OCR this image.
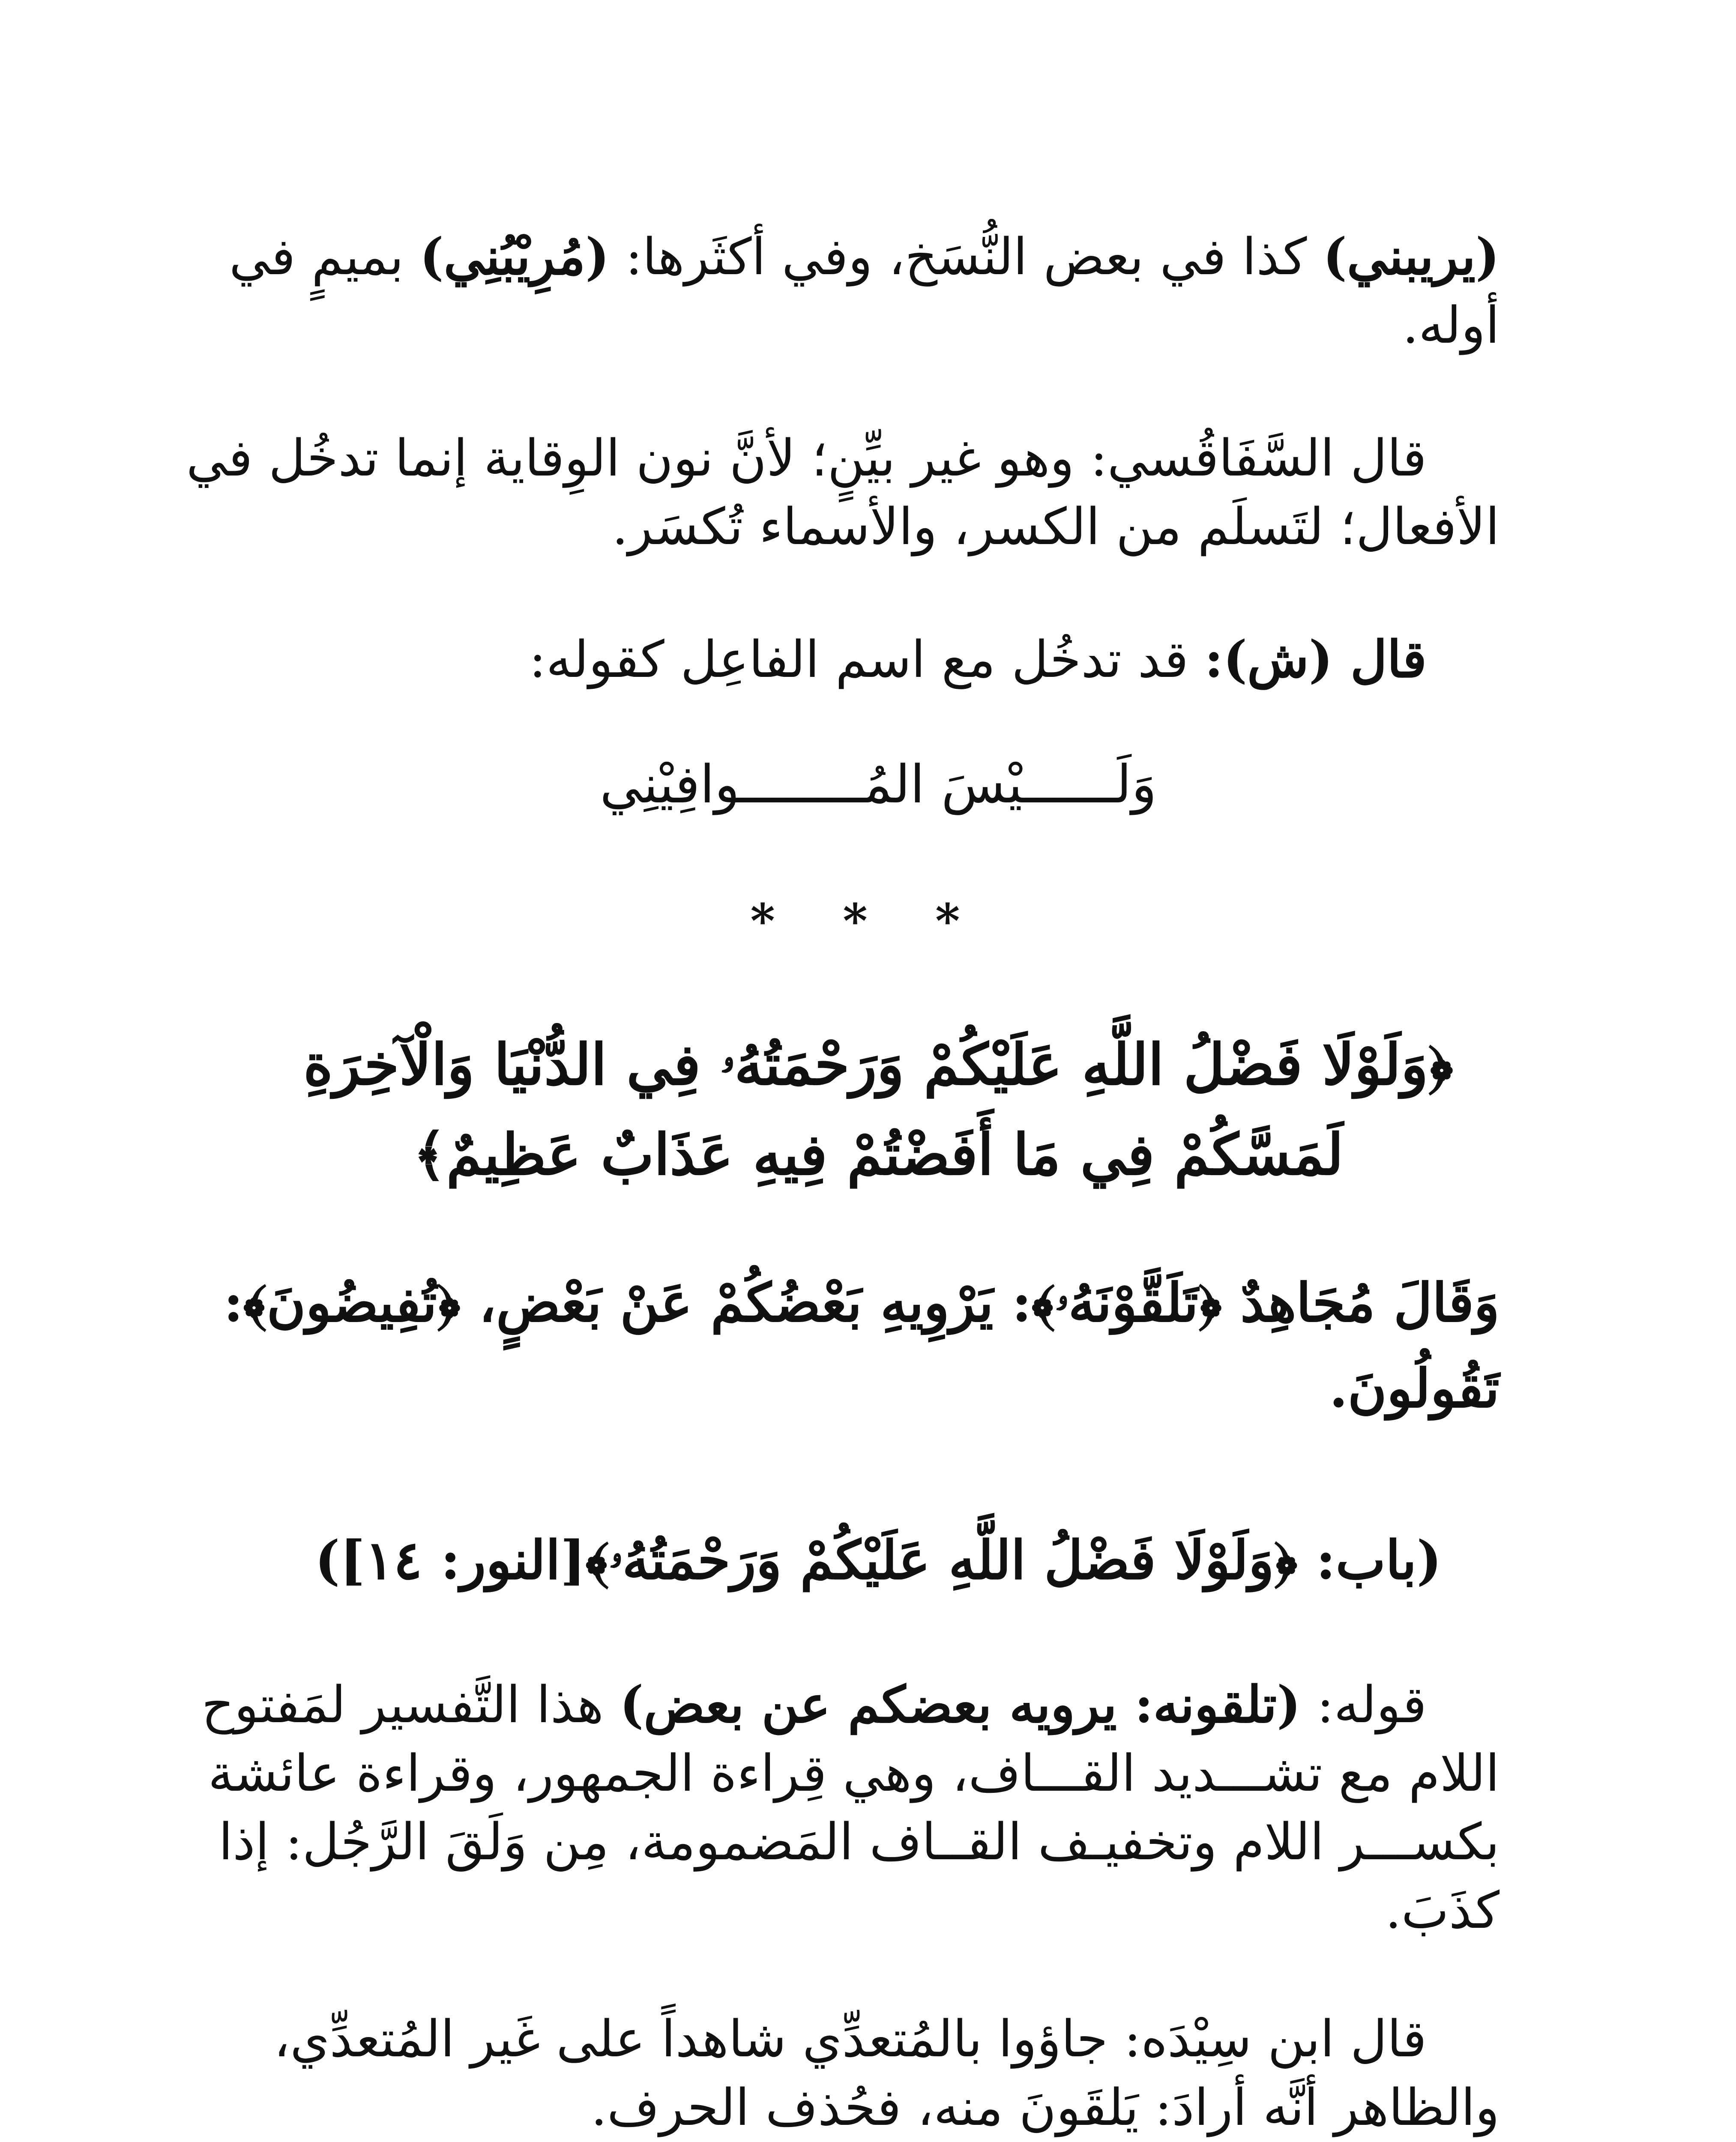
(يريبني) كذا في بعض النُّسَخ، وفي أكثَرها: (مُرِيْبُنِي) بميمٍ في
أوله.
قال السَّفَاقُسي: وهو غير بيِّنٍ؛ لأنَّ نون الوِقاية إنما تدخُل في
الأفعال؛ لتَسلَم من الكسر، والأسماء تُكسَر.
قال (ش): قد تدخُل مع اسم الفاعِل كقوله:
وَلَــــــيْسَ المُــــــــوافِيْنِي
* * *
﴿وَلَوْلَا فَضْلُ اللَّهِ عَلَيْكُمْ وَرَحْمَتُهُۥ فِي الدُّنْيَا وَالْآخِرَةِ
لَمَسَّكُمْ فِي مَا أَفَضْتُمْ فِيهِ عَذَابٌ عَظِيمٌ﴾
وَقَالَ مُجَاهِدٌ ﴿تَلَقَّوْنَهُۥ﴾: يَرْوِيهِ بَعْضُكُمْ عَنْ بَعْضٍ، ﴿تُفِيضُونَ﴾:
تَقُولُونَ.
(باب: ﴿وَلَوْلَا فَضْلُ اللَّهِ عَلَيْكُمْ وَرَحْمَتُهُۥ﴾[النور: ١٤])
قوله: (تلقونه: يرويه بعضكم عن بعض) هذا التَّفسير لمَفتوح
اللام مع تشـــديد القـــاف، وهي قِراءة الجمهور، وقراءة عائشة
بكســـر اللام وتخفيـف القــاف المَضمومة، مِن وَلَقَ الرَّجُل: إذا
كذَبَ.
قال ابن سِيْدَه: جاؤوا بالمُتعدِّي شاهداً على غَير المُتعدِّي،
والظاهر أنَّه أرادَ: يَلقَونَ منه، فحُذف الحرف.
